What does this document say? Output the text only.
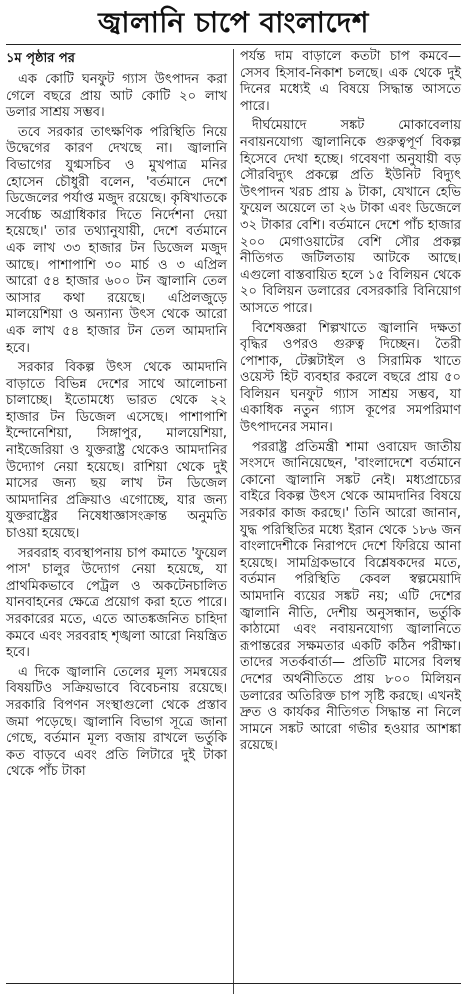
জ্বালানি চাপে বাংলাদেশ
১ম পৃষ্ঠার পর

এক কোটি ঘনফুট গ্যাস উৎপাদন করা গেলে বছরে প্রায় আট কোটি ২০ লাখ ডলার সাশ্রয় সম্ভব।

তবে সরকার তাৎক্ষণিক পরিস্থিতি নিয়ে উদ্বেগের কারণ দেখছে না। জ্বালানি বিভাগের যুগ্মসচিব ও মুখপাত্র মনির হোসেন চৌধুরী বলেন, 'বর্তমানে দেশে ডিজেলের পর্যাপ্ত মজুদ রয়েছে। কৃষিখাতকে সর্বোচ্চ অগ্রাধিকার দিতে নির্দেশনা দেয়া হয়েছে।' তার তথ্যানুযায়ী, দেশে বর্তমানে এক লাখ ৩৩ হাজার টন ডিজেল মজুদ আছে। পাশাপাশি ৩০ মার্চ ও ৩ এপ্রিল আরো ৫৪ হাজার ৬০০ টন জ্বালানি তেল আসার কথা রয়েছে। এপ্রিলজুড়ে মালয়েশিয়া ও অন্যান্য উৎস থেকে আরো এক লাখ ৫৪ হাজার টন তেল আমদানি হবে।

সরকার বিকল্প উৎস থেকে আমদানি বাড়াতে বিভিন্ন দেশের সাথে আলোচনা চালাচ্ছে। ইতোমধ্যে ভারত থেকে ২২ হাজার টন ডিজেল এসেছে। পাশাপাশি ইন্দোনেশিয়া, সিঙ্গাপুর, মালয়েশিয়া, নাইজেরিয়া ও যুক্তরাষ্ট্র থেকেও আমদানির উদ্যোগ নেয়া হয়েছে। রাশিয়া থেকে দুই মাসের জন্য ছয় লাখ টন ডিজেল আমদানির প্রক্রিয়াও এগোচ্ছে, যার জন্য যুক্তরাষ্ট্রের নিষেধাজ্ঞাসংক্রান্ত অনুমতি চাওয়া হয়েছে।

সরবরাহ ব্যবস্থাপনায় চাপ কমাতে 'ফুয়েল পাস' চালুর উদ্যোগ নেয়া হয়েছে, যা প্রাথমিকভাবে পেট্রল ও অকটেনচালিত যানবাহনের ক্ষেত্রে প্রয়োগ করা হতে পারে। সরকারের মতে, এতে আতঙ্কজনিত চাহিদা কমবে এবং সরবরাহ শৃঙ্খলা আরো নিয়ন্ত্রিত হবে।

এ দিকে জ্বালানি তেলের মূল্য সমন্বয়ের বিষয়টিও সক্রিয়ভাবে বিবেচনায় রয়েছে। সরকারি বিপণন সংস্থাগুলো থেকে প্রস্তাব জমা পড়েছে। জ্বালানি বিভাগ সূত্রে জানা গেছে, বর্তমান মূল্য বজায় রাখলে ভর্তুকি কত বাড়বে এবং প্রতি লিটারে দুই টাকা থেকে পাঁচ টাকা

পর্যন্ত দাম বাড়ালে কতটা চাপ কমবে— সেসব হিসাব-নিকাশ চলছে। এক থেকে দুই দিনের মধ্যেই এ বিষয়ে সিদ্ধান্ত আসতে পারে।

দীর্ঘমেয়াদে সঙ্কট মোকাবেলায় নবায়নযোগ্য জ্বালানিকে গুরুত্বপূর্ণ বিকল্প হিসেবে দেখা হচ্ছে। গবেষণা অনুযায়ী বড় সৌরবিদ্যুৎ প্রকল্পে প্রতি ইউনিট বিদ্যুৎ উৎপাদন খরচ প্রায় ৯ টাকা, যেখানে হেভি ফুয়েল অয়েলে তা ২৬ টাকা এবং ডিজেলে ৩২ টাকার বেশি। বর্তমানে দেশে পাঁচ হাজার ২০০ মেগাওয়াটের বেশি সৌর প্রকল্প নীতিগত জটিলতায় আটকে আছে। এগুলো বাস্তবায়িত হলে ১৫ বিলিয়ন থেকে ২০ বিলিয়ন ডলারের বেসরকারি বিনিয়োগ আসতে পারে।

বিশেষজ্ঞরা শিল্পখাতে জ্বালানি দক্ষতা বৃদ্ধির ওপরও গুরুত্ব দিচ্ছেন। তৈরী পোশাক, টেক্সটাইল ও সিরামিক খাতে ওয়েস্ট হিট ব্যবহার করলে বছরে প্রায় ৫০ বিলিয়ন ঘনফুট গ্যাস সাশ্রয় সম্ভব, যা একাধিক নতুন গ্যাস কূপের সমপরিমাণ উৎপাদনের সমান।

পররাষ্ট্র প্রতিমন্ত্রী শামা ওবায়েদ জাতীয় সংসদে জানিয়েছেন, 'বাংলাদেশে বর্তমানে কোনো জ্বালানি সঙ্কট নেই। মধ্যপ্রাচ্যের বাইরে বিকল্প উৎস থেকে আমদানির বিষয়ে সরকার কাজ করছে।' তিনি আরো জানান, যুদ্ধ পরিস্থিতির মধ্যে ইরান থেকে ১৮৬ জন বাংলাদেশীকে নিরাপদে দেশে ফিরিয়ে আনা হয়েছে। সামগ্রিকভাবে বিশ্লেষকদের মতে, বর্তমান পরিস্থিতি কেবল স্বল্পমেয়াদি আমদানি ব্যয়ের সঙ্কট নয়; এটি দেশের জ্বালানি নীতি, দেশীয় অনুসন্ধান, ভর্তুকি কাঠামো এবং নবায়নযোগ্য জ্বালানিতে রূপান্তরের সক্ষমতার একটি কঠিন পরীক্ষা। তাদের সতর্কবার্তা— প্রতিটি মাসের বিলম্ব দেশের অর্থনীতিতে প্রায় ৮০০ মিলিয়ন ডলারের অতিরিক্ত চাপ সৃষ্টি করছে। এখনই দ্রুত ও কার্যকর নীতিগত সিদ্ধান্ত না নিলে সামনে সঙ্কট আরো গভীর হওয়ার আশঙ্কা রয়েছে।
